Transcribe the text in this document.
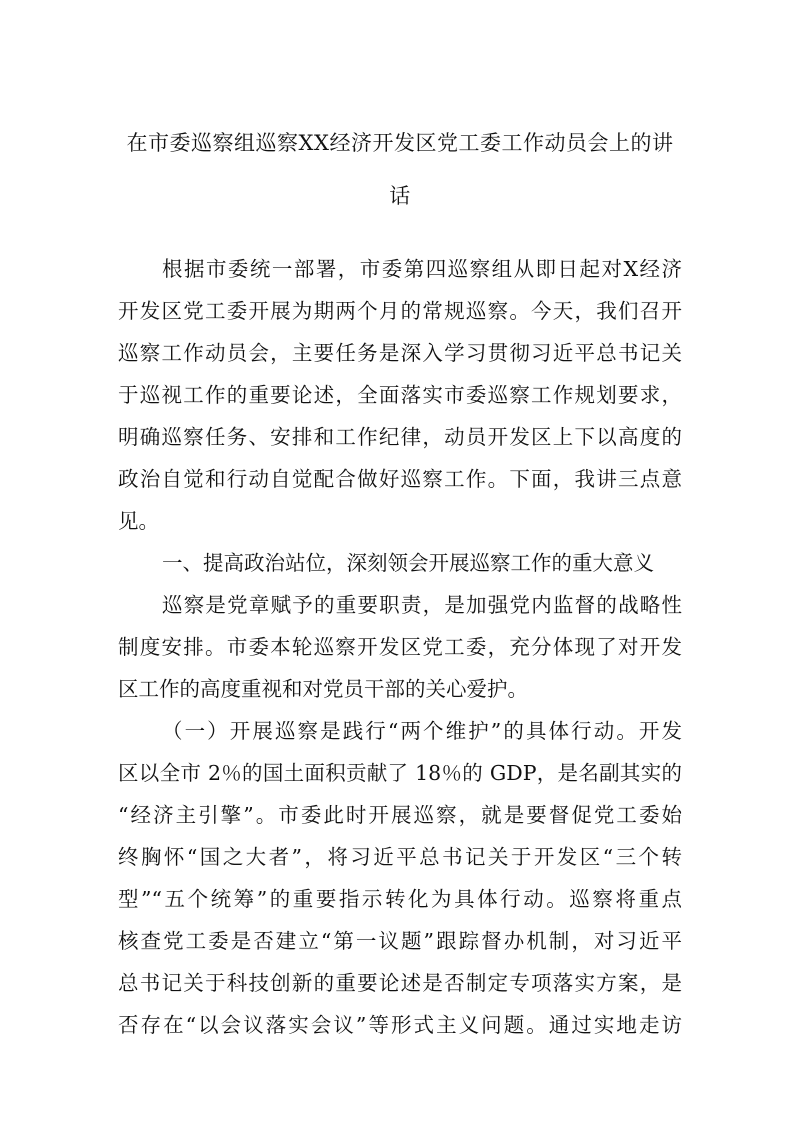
在市委巡察组巡察XX经济开发区党工委工作动员会上的讲
话
根据市委统一部署，市委第四巡察组从即日起对X经济
开发区党工委开展为期两个月的常规巡察。今天，我们召开
巡察工作动员会，主要任务是深入学习贯彻习近平总书记关
于巡视工作的重要论述，全面落实市委巡察工作规划要求，
明确巡察任务、安排和工作纪律，动员开发区上下以高度的
政治自觉和行动自觉配合做好巡察工作。下面，我讲三点意
见。
一、提高政治站位，深刻领会开展巡察工作的重大意义
巡察是党章赋予的重要职责，是加强党内监督的战略性
制度安排。市委本轮巡察开发区党工委，充分体现了对开发
区工作的高度重视和对党员干部的关心爱护。
（一）开展巡察是践行“两个维护”的具体行动。开发
区以全市 2％的国土面积贡献了 18％的 GDP，是名副其实的
“经济主引擎”。市委此时开展巡察，就是要督促党工委始
终胸怀“国之大者”，将习近平总书记关于开发区“三个转
型”“五个统筹”的重要指示转化为具体行动。巡察将重点
核查党工委是否建立“第一议题”跟踪督办机制，对习近平
总书记关于科技创新的重要论述是否制定专项落实方案，是
否存在“以会议落实会议”等形式主义问题。通过实地走访
